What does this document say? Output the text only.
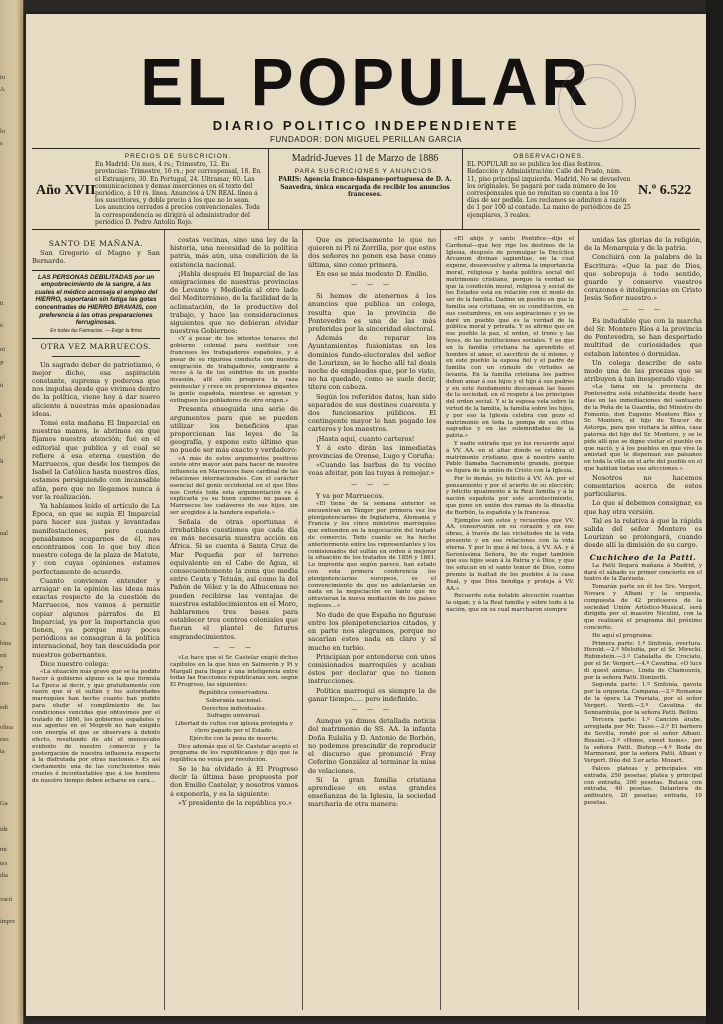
tu
A
lo
s
ti
é.
ni
P
ú
t
pl
li
e
nal
ros
e
ca
bina
mi
y
mo-
edi
olina
eso
ta
Ga
ide
mi
tes
dia
vacú
impre
EL POPULAR
DIARIO POLITICO INDEPENDIENTE
FUNDADOR: DON MIGUEL PERILLAN GARCIA
PRECIOS DE SUSCRICION.
En Madrid: Un mes, 4 rs.; Trimestre, 12. En provincias: Trimestre, 16 rs.; por corresponsal, 18. En el Extranjero, 30. En Portugal, 24. Ultramar, 60. Las comunicaciones y demas inserciones en el texto del periódico, á 10 rs. línea. Anuncios á UN REAL línea á los suscritores, y doble precio á los que no lo sean. Los anuncios cerrados á precios convencionales. Toda la correspondencia se dirigirá al administrador del periódico D. Pedro Antolín Rojo.
Año XVII
Madrid-Jueves 11 de Marzo de 1886
PARA SUSCRICIONES Y ANUNCIOS.
PARIS: Agencia franco-hispano-portuguesa de D. A. Saavedra, única encargada de recibir los anuncios franceses.
OBSERVACIONES.
EL POPULAR no se publica los días festivos. Redacción y Administración: Calle del Prado, núm. 11, piso principal izquierda. Madrid. No se devuelven los originales. Se pagará por cada número de los corresponsales que no remitan su cuenta a los 10 días de ser pedida. Los reclamos se admiten á razón de 1 por 100 al contado. La mano de periódicos de 25 ejemplares, 3 reales.
N.º 6.522

SANTO DE MAÑANA.

San Gregorio el Magno y San Bernardo.

LAS PERSONAS DEBILITADAS por un empobrecimiento de la sangre, á las cuales el médico aconseja el empleo del HIERRO, soportarán sin fatiga las gotas concentradas de HIERRO BRAVAIS, con preferencia á las otras preparaciones ferruginosas.
En todas las Farmacias. — Exigir la firma

OTRA VEZ MARRUECOS.

Un sagrado deber de patriotismo, ó mejor dicho, esa aspiración constante, suprema y poderosa que nos impulsa desde que vivimos dentro de la política, viene hoy á dar nuevo aliciente á nuestras más apasionadas ideas.

Tomé esta mañana El Imparcial en nuestras manos, le abrimos en que fijamos nuestra atención; fué en el editorial que publica y el cual se refiere á esa eterna cuestión de Marruecos, que desde los tiempos de Isabel la Católica hasta nuestros días, estamos persiguiendo con incansable afán, pero que no llegamos nunca á ver la realización.

Ya habíamos leído el artículo de La Época, en que se supía El Imparcial para hacer sus justas y levantadas manifestaciones, pero cuando pensábamos ocuparnos de él, nos encontramos con lo que hoy dice nuestro colega de la plaza de Matute, y con cuyas opiniones estamos perfectamente de acuerdo.

Cuanto convienen entender y arraigar en la opinión las ideas más exactas respecto de la cuestión de Marruecos, nos vamos á permitir copiar algunos párrafos de El Imparcial, ya por la importancia que tienen, ya porque muy poces periódicos se consagran á la política internacional, hoy tan descuidada por nuestros gobernantes.

Dice nuestro colega:

«La situación más grave que se ha podido hacer á gobierno alguno es la que formula La Época al decir, y que gratuitamente con razón que si el sultán y los autoridades marroquíes han hecho cuanto han podido para eludir el cumplimiento de las condiciones vencidas que obtuvimos por el tratado de 1860, los gobiernos españoles y sus agentes en el Mogreb no han exigido con energía el que se observara á debido efecto, resultando de ahí el menoscabo evidente de nuestro comercio y la postergación de nuestra influencia respecto á la disfrutada por otras naciones.» Es así ciertamente una de las conclusiones más crueles é incontestables que á los hombres de nuestro tiempo deben echarse en cara…

costas vecinas, sino una ley de la historia, una necesidad de la política patria, más aún, una condición de la existencia nacional.

¡Habla después El Imparcial de las emigraciones de nuestras provincias de Levante y Mediodía al otro lado del Mediterráneo, de la facilidad de la aclimatación, de lo productivo del trabajo, y hace las consideraciones siguientes que no debieran olvidar nuestros Gobiernos:

«Y á pesar de los intentos tenaces del gobierno colonial para sustituir con franceses los trabajadores españoles, y á pesar de su rigurosa conducta con nuestra emigración de trabajadores, emigrante á veces á la de los súbditos de un pueblo invasión, allí sólo prospera la raza peninsular y crece en proporciones gigantes la gente española, mientras se agostan y extinguen los pobladores de otro origen.»

Presenta enseguida una serie de argumentos para que se pueden utilizar los beneficios que proporcionan las leyes de la geografía, y expone esto último que no puede ser más exacto y verdadero:

«A más de estos argumentos positivos existe otro mayor aún para hacer de nuestra influencia en Marruecos base cardinal de las relaciones internacionales. Con el carácter esencial del genio occidental en el que Dios nos Cortés toda esta argumentación va á explicarla ya su buen camino no pasan á Marruecos los cadáveres de sus hijos, sin ser acogidos á la bandera española.»

Señala de otras oportunas é irrebatibles cuestiones que cada día es más necesaria nuestra acción en África. Si se cuenta á Santa Cruz de Mar Pequeña por el terreno equivalente en el Cabo de Agua, si consecuentemente la zona que media entre Ceuta y Tetuán, así como la del Pañón de Vélez y la de Alhucemas no pueden recibirse las ventajas de nuestros establecimientos en el Moro, hablaremos tres bases para establecer tres centros coloniales que fueran el plantel de futuros engrandecimientos.

— — —

«Lo hace que el Sr. Castelar exigió dichos capítulos en la que hizo en Salmerón y Pí y Margall para llegar á una inteligencia entre todas las fracciones republicanas son, según El Progreso, las siguientes:

República conservadora.

Soberanía nacional.

Derechos individuales.

Sufragio universal.

Libertad de cultos con iglesia protegida y clero pagado por el Estado.

Ejército con la pena de muerte.

Dice además que el Sr. Castelar aceptó el programa de los republicanos y dijo que la república no venía por revolución.

Se le ha olvidado á El Progreso decir la última base propuesta por don Emilio Castelar, y nosotros vamos á exponerla, y es la siguiente:

«Y presidente de la república yo.»

Que es precisamente lo que no quieren ni Pí ni Zorrilla, por que estos dos señores no ponen esa base como última, sino como primera.

En eso se más modesto D. Emilio.

— — —

Si hemos de atenernos á los anuncios que publica un colega, resulta que la provincia de Pontevedra es una de las más preferidas por la sinceridad electoral.

Además de reparar los Ayuntamientos fusionistas en los dominios fundo-electorales del señor de Lourizan, se le hecho allí tal dosis noche de empleados que, por lo visto, no ha quedado, como se suele decir, títere con cabeza.

Según los referidos datos, han sido separados de sus destinos cuarenta y dos funcionarios públicos. El contingente mayor le han pagado los carteros y los maestros.

¡Hasta aquí, cuanto carteros!

Y á esto dirán las inmediatas provincias de Orense, Lugo y Coruña:

«Cuando las barbas de tu vecino veas afeitar, pon las tuyas á remojar.»

— — —

Y va por Marruecos.

«El tiene de la semana anterior se encuentran en Tánger por primera vez los plenipotenciarios de Inglaterra, Alemania y Francia y los cinco ministros marroquíes que entienden en la negociación del tratado de comercio. Todo cuanto se ha hecho anteriormente entre los representantes y los comisionados del sultán en orden á mejorar la situación de los tratados de 1856 y 1861. Lo imprenta que según parece, han estado con esta primera conferencia los plenipotenciarios europeos, es el convencimiento de que no adelantarán en nada en la negociación en tanto que no obtuvieran la nueva mediación de los países ingleses…»

No dude de que España no figurase entre los plenipotenciarios citados, y en parte nos alegramos, porque no sacarían estos nada en claro y sí mucho en turbio.

Principian por entenderse con unos comisionados marroquíes y acaban éstos por declarar que no tienen instrucciones.

Política marroquí es siempre la de ganar tiempo..... pero indefinido.

— — —

Aunque ya dimos detallada noticia del matrimonio de SS. AA. la infanta Doña Eulalia y D. Antonio de Borbón, no podemos prescindir de reproducir el discurso que pronunció Fray Ceferino González al terminar la misa de velaciones.

Si la gran familia cristiana aprendiese en estas grandes enseñanzas de la Iglesia, la sociedad marcharía de otra manera:

«El ahijo y santo Pontífice—dijo el Cardenal—que hoy rige los destinos de la Iglesia, después de promulgar la Encíclica Arcanum divinae sapientiae, en la cual expone, desenvuelve y afirma la importancia moral, religiosa y hasta política social del matrimonio cristiano, porque la verdad es que la condición moral, religiosa y social de los Estados está en relación con el modo de ser de la familia. Dadme un pueblo en que la familia sea cristiana, en su constitución, en sus costumbres, en sus aspiraciones y yo os daré un pueblo que es la verdad de la pública moral y privada. Y os afirmo que en ese pueblo la paz, el orden, el trono y las leyes, de las instituciones sociales. Y es que en la familia cristiana ha aprendido el hombre el amor, el sacrificio de sí mismo, y en este pueblo la esposa fiel y el padre de familia con un cúmulo de virtudes se levanta. En la familia cristiana los padres deben amar á sus hijos y el hijo á sus padres y en este fundamento descansan las bases de la sociedad, en el respeto á los principios del orden social. Y si la esposa vela sobre la virtud de la familia, la familia sobre los hijos, y por eso la Iglesia celebra con gozo el matrimonio en toda la pompa de sus ritos sagrados y en las solemnidades de la patria.»

Y nadie extrañe que yo los recuerde aquí á VV. AA. en el altar donde se celebra el matrimonio cristiano, que á nuestro santo Pablo llamaba Sacramento grande, porque es figura de la unión de Cristo con la Iglesia.

Por lo demás, yo felicito á VV. AA. por el pensamiento y por el acierto de su elección; y felicito igualmente á la Real familia y á la nación española por este acontecimiento, que pone en unión dos ramas de la dinastía de Borbón, la española y la francesa.

Ejemplos son estos y recuerdos que VV. AA. conservarán en su corazón y en sus obras, á través de las vicisitudes de la vida presente y en sus relaciones con la vida eterna. Y por lo que á mí toca, á VV. AA. y á Sereníssima Señora, he de rogar también que sus hijos sean á la Patria y á Dios, y que los educan en el santo temor de Dios, como premio la lealtad de los pueblos á la casa Real, y que Dios bendiga y proteja á VV. AA.»

Recuerde esta notable alocución cuantas la oigan; y á la Real familia y sobre todo á la nación, que en su cual marcharon siempre

unidas las glorias de la religión, de la Monarquía y de la patria.

Concluirá con la palabra de la Escritura: «Que la paz de Dios, que sobrepuja á todo sentido, guarde y conserve vuestros corazones é inteligencias en Cristo Jesús Señor nuestro.»

— — —

Es indudable que con la marcha del Sr. Montero Ríos á la provincia de Pontevedra, se han despertado multitud de curiosidades que estaban latentes ó dormidas.

Un colega describe de este modo una de las proezas que se atribuyen á tan inesperado viaje:

«La fama en la provincia de Pontevedra está establecida desde hace días en las inmediaciones del santuario de la Peña de la Guardia, del Ministro de Fomento, don Eugenio Montero Ríos y Sr. Montero, el hijo de Teucer de Astorga, para que visitara la aldea, casa paterna del hijo del Sr. Montero, y se le pide allí que se digne visitar el pueblo en que nació, y á los pueblos en que vive la amistad que le dispensan sus paisanos en toda la villa en el arte del pueblo en el que habitan todas sus afecciones.»

Nosotros no hacemos comentarios acerca de estos particulares.

Lo que sí debemos consignar, es que hay otra versión.

Tal es la relativa á que la rápida salida del señor Montero es Lourizan se prolongará, cuando desde allí la dimisión de su cargo.

Cuchicheo de la Patti.

La Patti llegará mañana á Madrid, y dará el sábado su primer concierto en el teatro de la Zarzuela.

Tomarán parte en él los Srs. Vergert, Novara y Albani y la orquesta, compuesta de 42 profesores de la sociedad Unión Artístico-Musical, será dirigida por el maestro Nicolini, con la que realizará el programa del próximo concierto.

He aquí el programa:

Primera parte: 1.º Sinfonía, overtura. Herold.—2.º Melodía, por el Sr. Mirecki. Rubinstein.—3.º Cabalatta de Crociato, por el Sr. Vergert.—4.º Cavatina. «O luce di quest anima», Linda de Chamounix, por la señora Patti. Donizetti.

Segunda parte: 1.º Sinfonía, gavota por la orquesta. Campana.—2.º Romanza de la ópera La Traviata, por el señor Vergert. Verdi.—3.º Cavatina de Sonnambula, por la señora Patti. Bellini.

Tercera parte: 1.º Canción árabe, arreglada por Mr. Tasso.—2.º El barbero de Sevilla, rondó por el señor Albani. Rossini.—3.º «Home, sweet home», por la señora Patti. Bishop.—4.º Boda de Marmorani, por la señora Patti, Albani y Vergert. Dúo del 3.er acto. Mozart.

Palcos plateas y principales sin entrada, 250 pesetas; platea y principal con entrada, 300 pesetas. Butaca con entrada, 40 pesetas. Delantera de anfiteatro, 20 pesetas; entrada, 10 pesetas.
